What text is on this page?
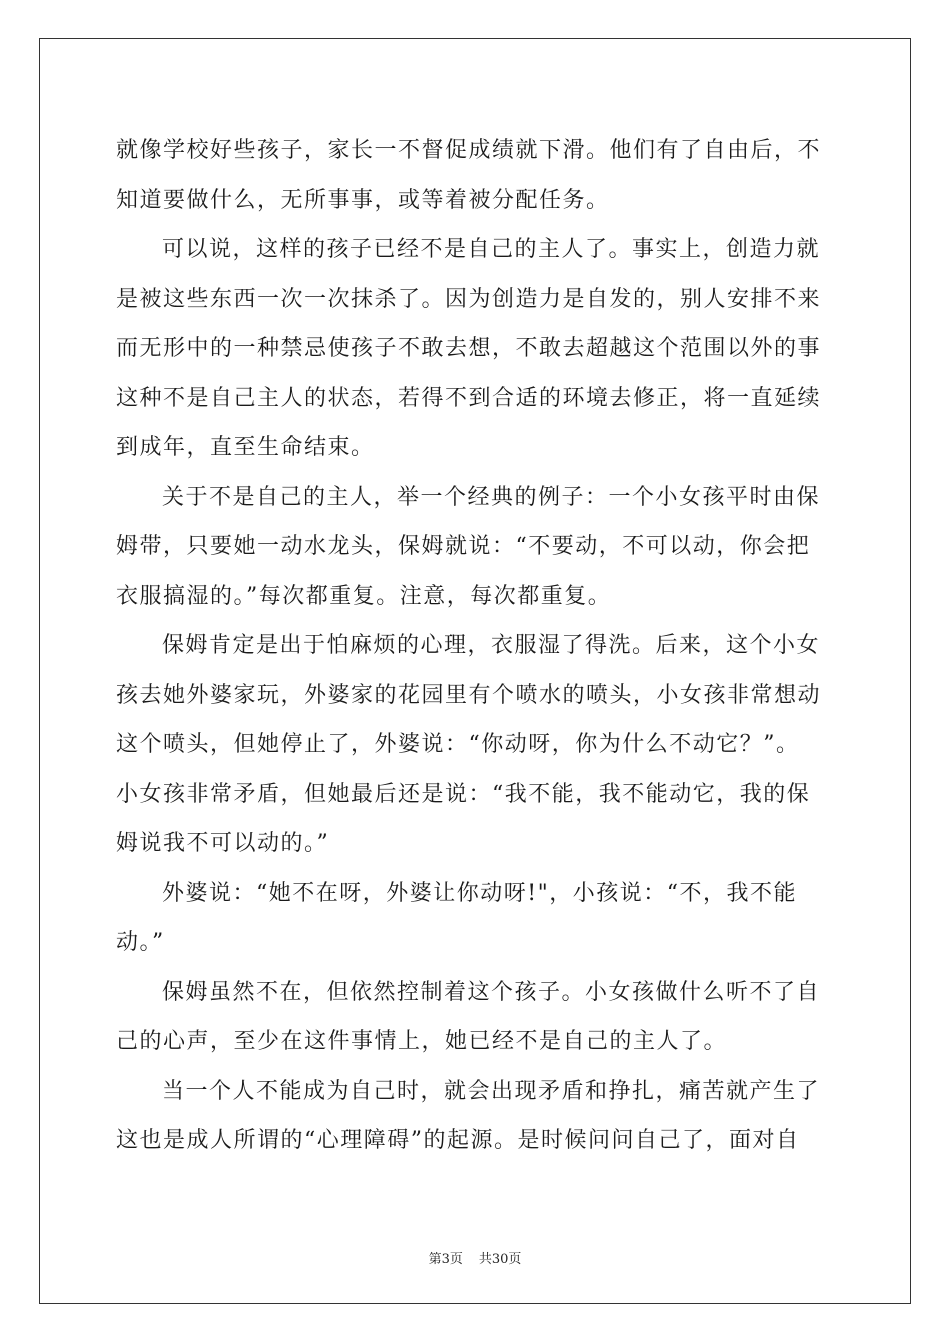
就像学校好些孩子，家长一不督促成绩就下滑。他们有了自由后，不
知道要做什么，无所事事，或等着被分配任务。
可以说，这样的孩子已经不是自己的主人了。事实上，创造力就
是被这些东西一次一次抹杀了。因为创造力是自发的，别人安排不来
而无形中的一种禁忌使孩子不敢去想，不敢去超越这个范围以外的事
这种不是自己主人的状态，若得不到合适的环境去修正，将一直延续
到成年，直至生命结束。
关于不是自己的主人，举一个经典的例子：一个小女孩平时由保
姆带，只要她一动水龙头，保姆就说：“不要动，不可以动，你会把
衣服搞湿的。”每次都重复。注意，每次都重复。
保姆肯定是出于怕麻烦的心理，衣服湿了得洗。后来，这个小女
孩去她外婆家玩，外婆家的花园里有个喷水的喷头，小女孩非常想动
这个喷头，但她停止了，外婆说：“你动呀，你为什么不动它？”。
小女孩非常矛盾，但她最后还是说：“我不能，我不能动它，我的保
姆说我不可以动的。”
外婆说：“她不在呀，外婆让你动呀!"，小孩说：“不，我不能
动。”
保姆虽然不在，但依然控制着这个孩子。小女孩做什么听不了自
己的心声，至少在这件事情上，她已经不是自己的主人了。
当一个人不能成为自己时，就会出现矛盾和挣扎，痛苦就产生了
这也是成人所谓的“心理障碍”的起源。是时候问问自己了，面对自
第3页 共30页
